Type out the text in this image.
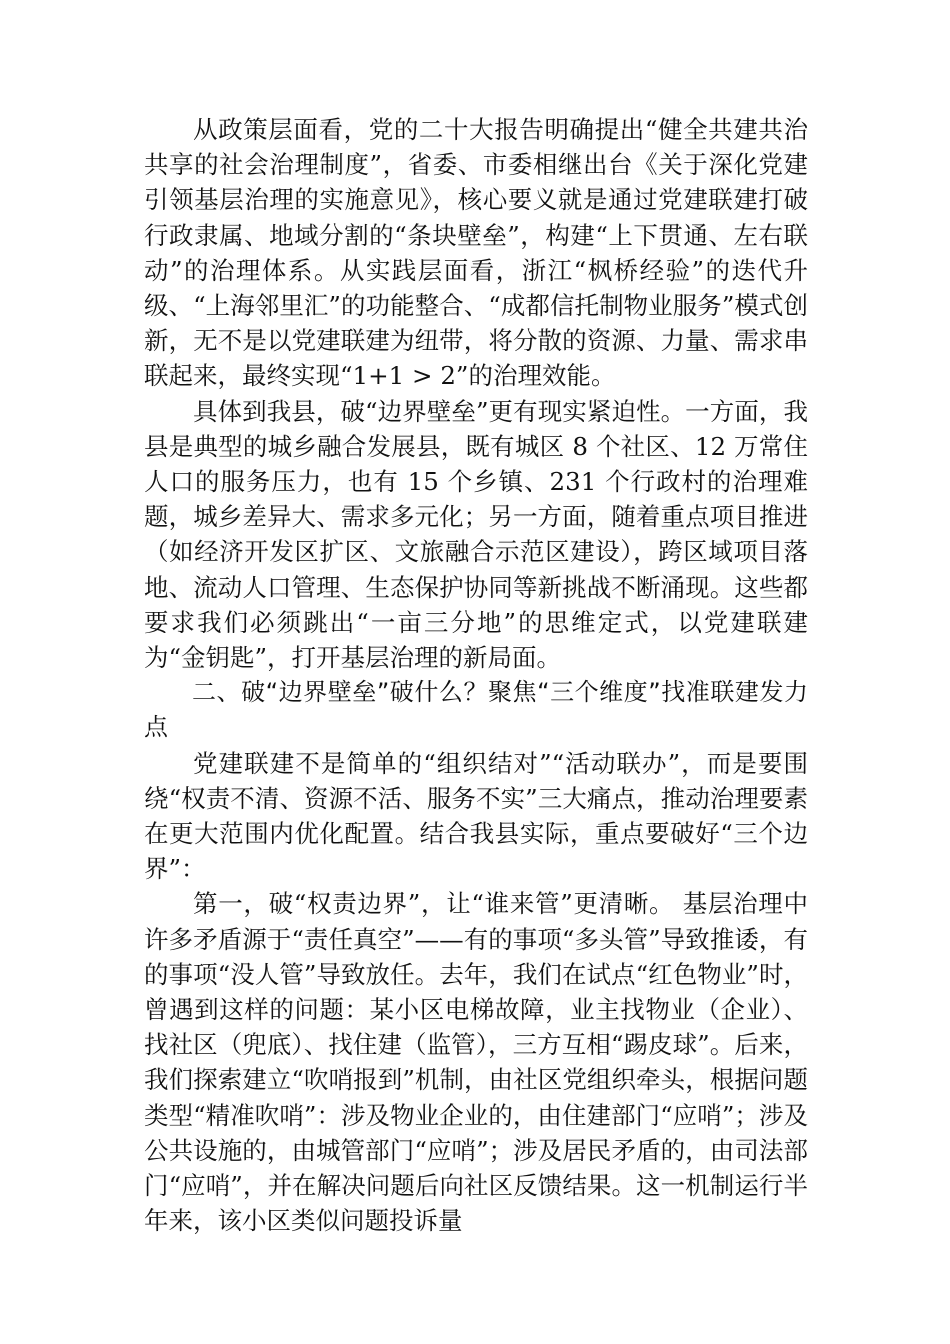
从政策层面看，党的二十大报告明确提出“健全共建共治共享的社会治理制度”，省委、市委相继出台《关于深化党建引领基层治理的实施意见》，核心要义就是通过党建联建打破行政隶属、地域分割的“条块壁垒”，构建“上下贯通、左右联动”的治理体系。从实践层面看，浙江“枫桥经验”的迭代升级、“上海邻里汇”的功能整合、“成都信托制物业服务”模式创新，无不是以党建联建为纽带，将分散的资源、力量、需求串联起来，最终实现“1+1 > 2”的治理效能。

具体到我县，破“边界壁垒”更有现实紧迫性。一方面，我县是典型的城乡融合发展县，既有城区 8 个社区、12 万常住人口的服务压力，也有 15 个乡镇、231 个行政村的治理难题，城乡差异大、需求多元化；另一方面，随着重点项目推进（如经济开发区扩区、文旅融合示范区建设），跨区域项目落地、流动人口管理、生态保护协同等新挑战不断涌现。这些都要求我们必须跳出“一亩三分地”的思维定式，以党建联建为“金钥匙”，打开基层治理的新局面。

二、破“边界壁垒”破什么？聚焦“三个维度”找准联建发力点

党建联建不是简单的“组织结对”“活动联办”，而是要围绕“权责不清、资源不活、服务不实”三大痛点，推动治理要素在更大范围内优化配置。结合我县实际，重点要破好“三个边界”：

第一，破“权责边界”，让“谁来管”更清晰。 基层治理中许多矛盾源于“责任真空”——有的事项“多头管”导致推诿，有的事项“没人管”导致放任。去年，我们在试点“红色物业”时，曾遇到这样的问题：某小区电梯故障，业主找物业（企业）、找社区（兜底）、找住建（监管），三方互相“踢皮球”。后来，我们探索建立“吹哨报到”机制，由社区党组织牵头，根据问题类型“精准吹哨”：涉及物业企业的，由住建部门“应哨”；涉及公共设施的，由城管部门“应哨”；涉及居民矛盾的，由司法部门“应哨”，并在解决问题后向社区反馈结果。这一机制运行半年来，该小区类似问题投诉量
